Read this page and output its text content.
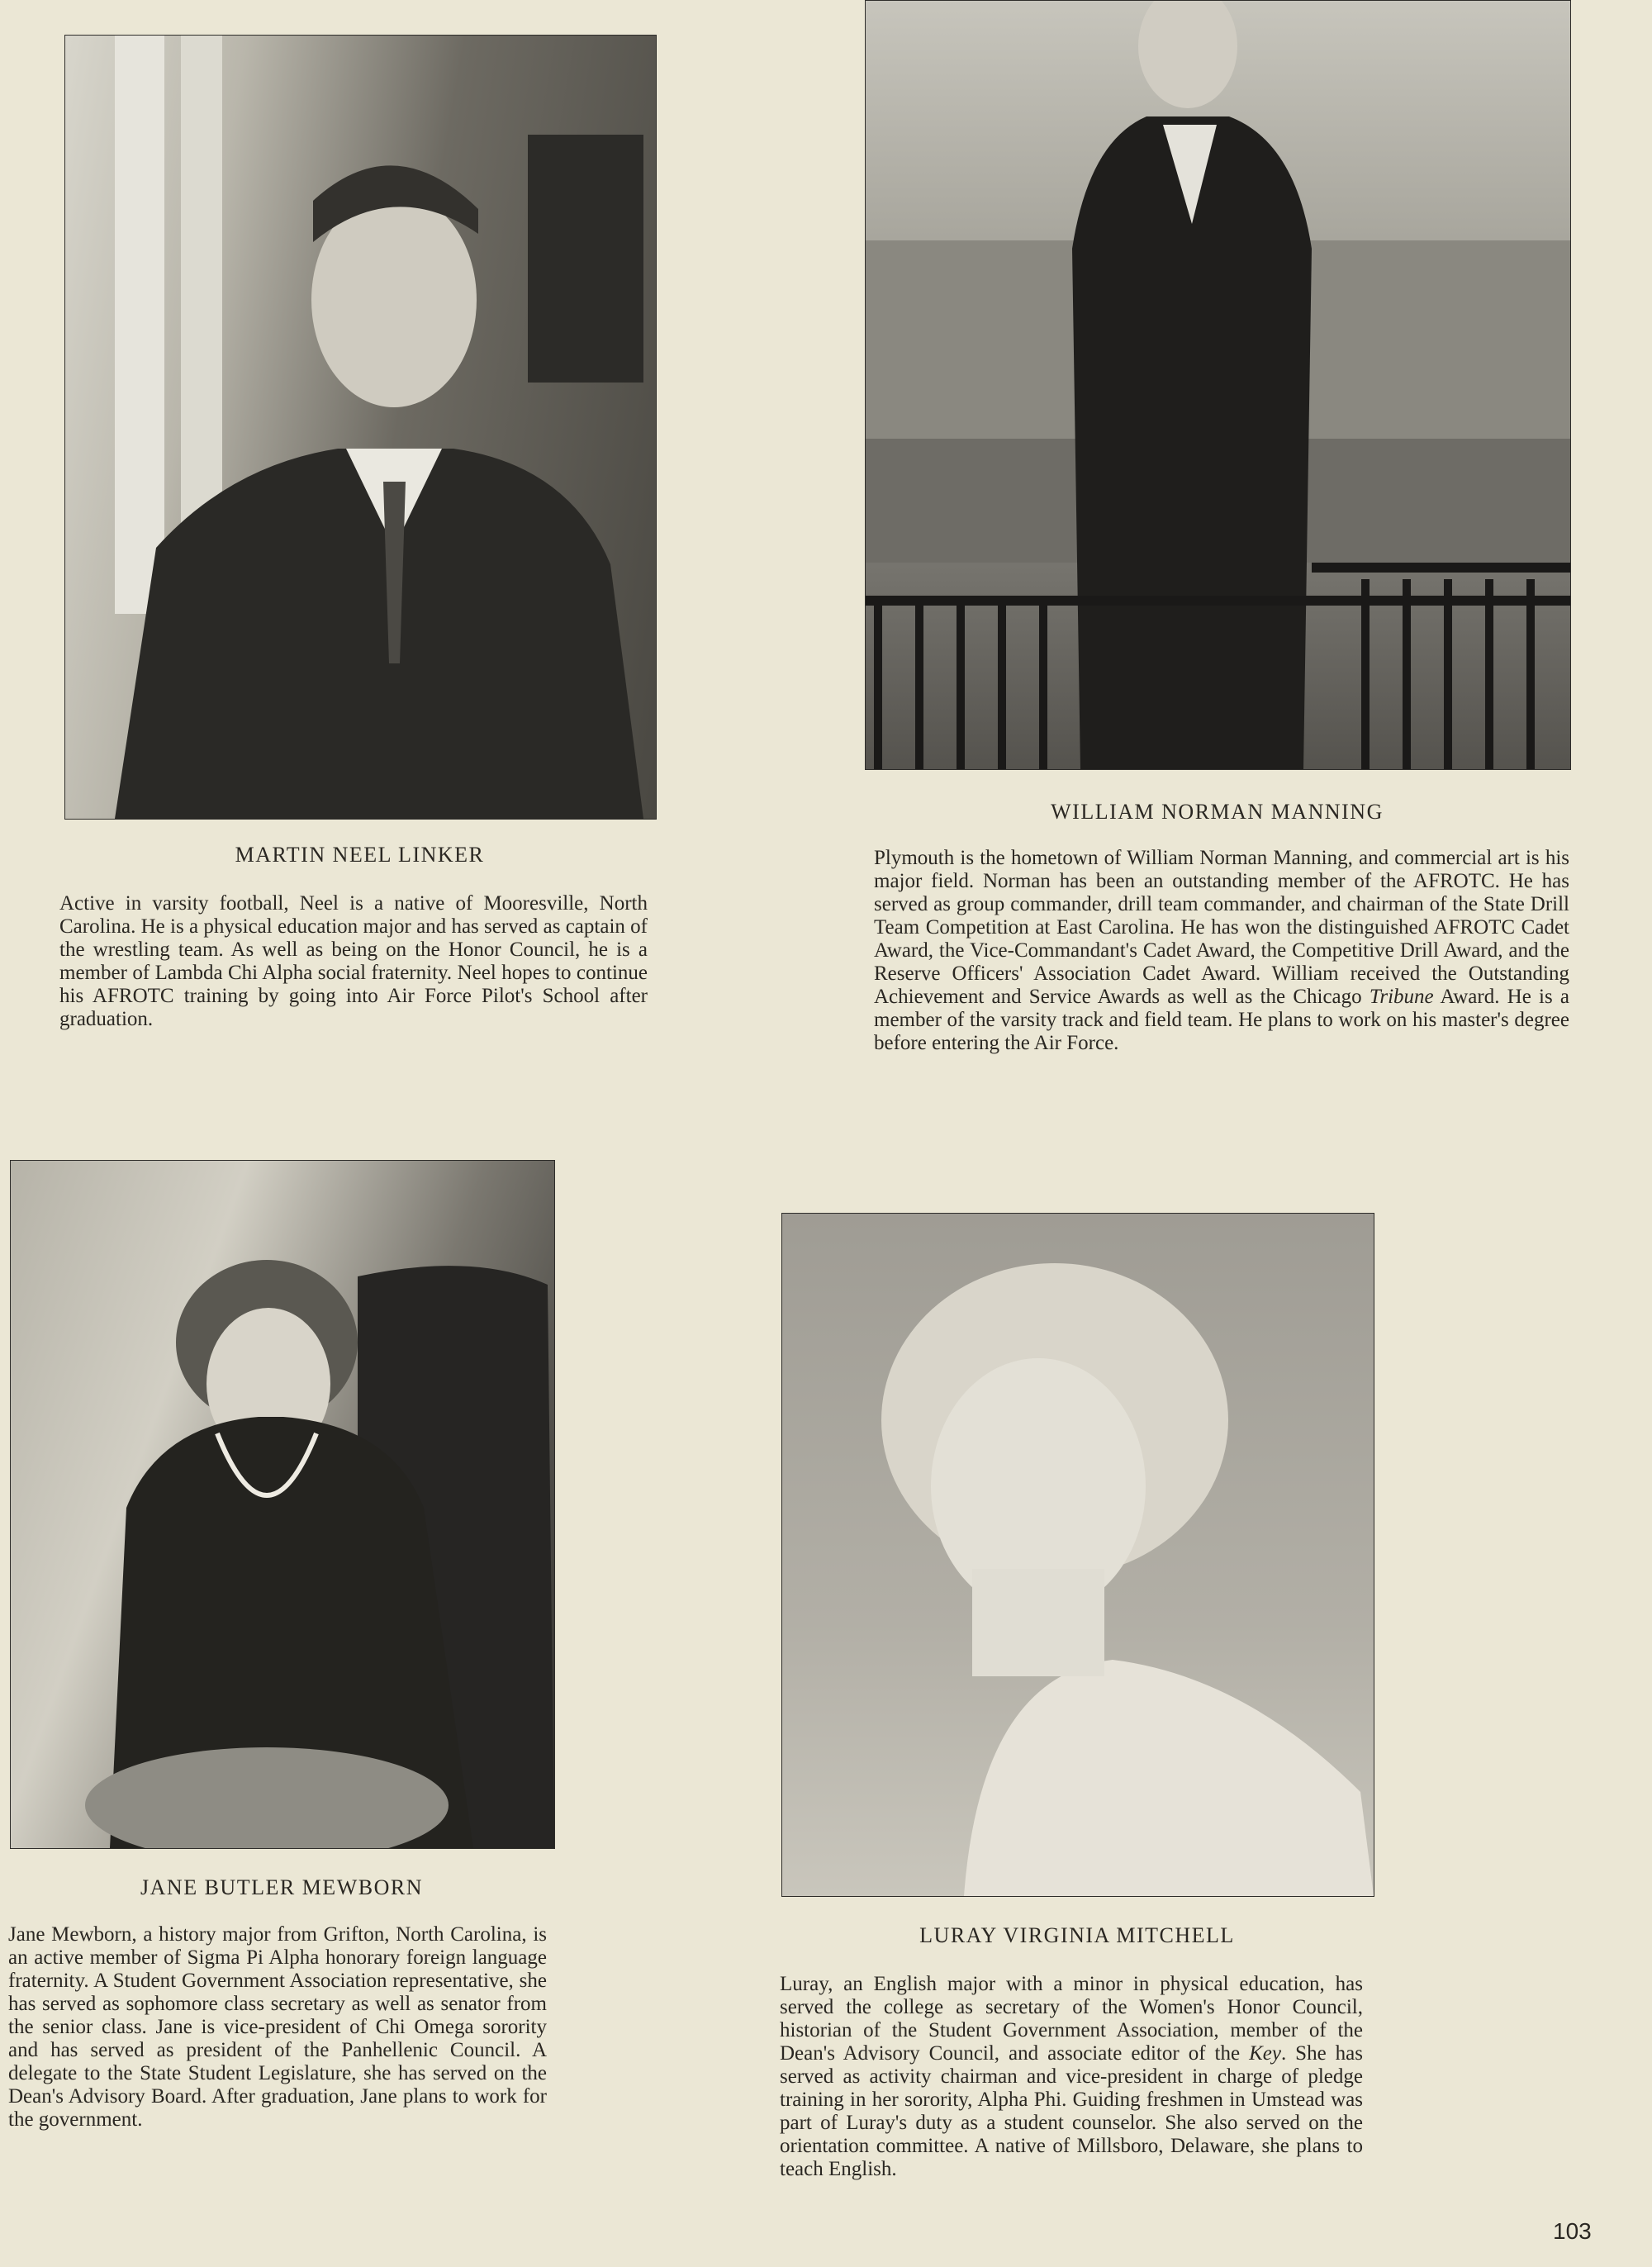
MARTIN NEEL LINKER

Active in varsity football, Neel is a native of Mooresville, North Carolina. He is a physical education major and has served as captain of the wrestling team. As well as being on the Honor Council, he is a member of Lambda Chi Alpha social fraternity. Neel hopes to continue his AFROTC training by going into Air Force Pilot's School after graduation.

WILLIAM NORMAN MANNING

Plymouth is the hometown of William Norman Manning, and commercial art is his major field. Norman has been an outstanding member of the AFROTC. He has served as group commander, drill team commander, and chairman of the State Drill Team Competition at East Carolina. He has won the distinguished AFROTC Cadet Award, the Vice-Commandant's Cadet Award, the Competitive Drill Award, and the Reserve Officers' Association Cadet Award. William received the Outstanding Achievement and Service Awards as well as the Chicago Tribune Award. He is a member of the varsity track and field team. He plans to work on his master's degree before entering the Air Force.

JANE BUTLER MEWBORN

Jane Mewborn, a history major from Grifton, North Carolina, is an active member of Sigma Pi Alpha honorary foreign language fraternity. A Student Government Association representative, she has served as sophomore class secretary as well as senator from the senior class. Jane is vice-president of Chi Omega sorority and has served as president of the Panhellenic Council. A delegate to the State Student Legislature, she has served on the Dean's Advisory Board. After graduation, Jane plans to work for the government.

LURAY VIRGINIA MITCHELL

Luray, an English major with a minor in physical education, has served the college as secretary of the Women's Honor Council, historian of the Student Government Association, member of the Dean's Advisory Council, and associate editor of the Key. She has served as activity chairman and vice-president in charge of pledge training in her sorority, Alpha Phi. Guiding freshmen in Umstead was part of Luray's duty as a student counselor. She also served on the orientation committee. A native of Millsboro, Delaware, she plans to teach English.

103
